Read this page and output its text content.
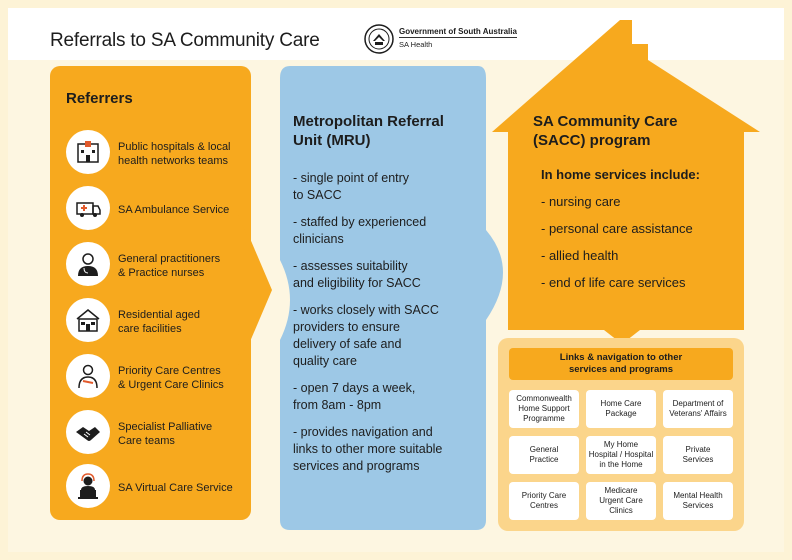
Referrals to SA Community Care	Government of South Australia
SA Health
Referrers
Public hospitals & local
health networks teams
SA Ambulance Service
General practitioners
& Practice nurses
Residential aged
care facilities
Priority Care Centres
& Urgent Care Clinics
Specialist Palliative
Care teams
SA Virtual Care Service
Metropolitan Referral
Unit (MRU)
- single point of entry
to SACC
- staffed by experienced
clinicians
- assesses suitability
and eligibility for SACC
- works closely with SACC
providers to ensure
delivery of safe and
quality care
- open 7 days a week,
from 8am - 8pm
- provides navigation and
links to other more suitable
services and programs
SA Community Care
(SACC) program
In home services include:
- nursing care
- personal care assistance
- allied health
- end of life care services
Links & navigation to other
services and programs
Commonwealth
Home Support
Programme
Home Care
Package
Department of
Veterans' Affairs
General
Practice
My Home
Hospital / Hospital
in the Home
Private
Services
Priority Care
Centres
Medicare
Urgent Care
Clinics
Mental Health
Services
